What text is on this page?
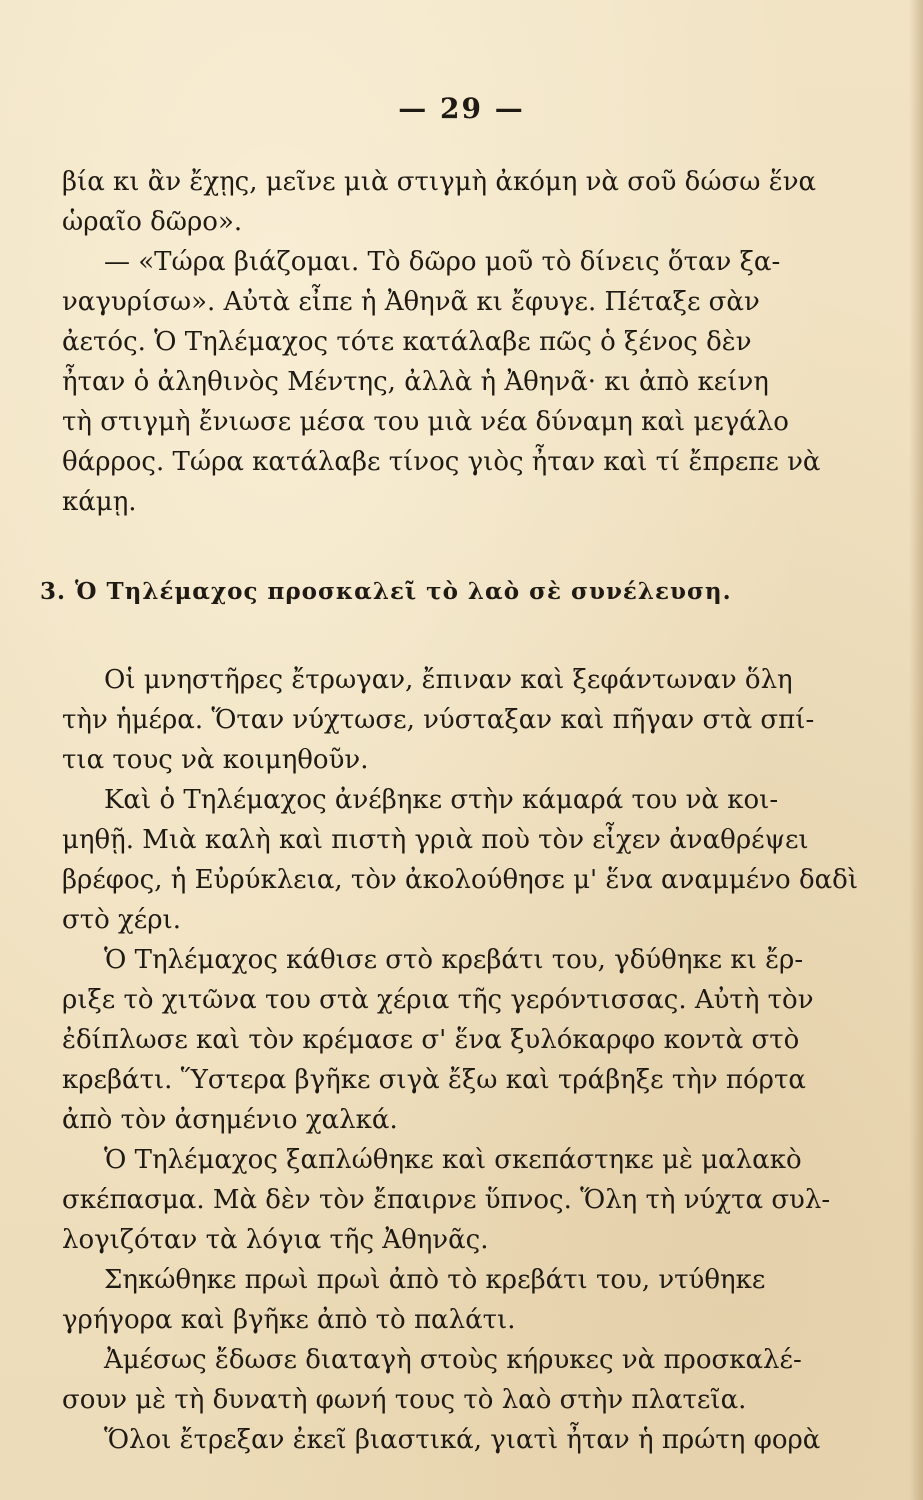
— 29 —
βία κι ἂν ἔχῃς, μεῖνε μιὰ στιγμὴ ἀκόμη νὰ σοῦ δώσω ἕνα
ὡραῖο δῶρο».
— «Τώρα βιάζομαι. Τὸ δῶρο μοῦ τὸ δίνεις ὅταν ξα-
ναγυρίσω». Αὐτὰ εἶπε ἡ Ἀθηνᾶ κι ἔφυγε. Πέταξε σὰν
ἀετός. Ὁ Τηλέμαχος τότε κατάλαβε πῶς ὁ ξένος δὲν
ἦταν ὁ ἀληθινὸς Μέντης, ἀλλὰ ἡ Ἀθηνᾶ· κι ἀπὸ κείνη
τὴ στιγμὴ ἔνιωσε μέσα του μιὰ νέα δύναμη καὶ μεγάλο
θάρρος. Τώρα κατάλαβε τίνος γιὸς ἦταν καὶ τί ἔπρεπε νὰ
κάμῃ.
3. Ὁ Τηλέμαχος προσκαλεῖ τὸ λαὸ σὲ συνέλευση.
Οἱ μνηστῆρες ἔτρωγαν, ἔπιναν καὶ ξεφάντωναν ὅλη
τὴν ἡμέρα. Ὅταν νύχτωσε, νύσταξαν καὶ πῆγαν στὰ σπί-
τια τους νὰ κοιμηθοῦν.
Καὶ ὁ Τηλέμαχος ἀνέβηκε στὴν κάμαρά του νὰ κοι-
μηθῇ. Μιὰ καλὴ καὶ πιστὴ γριὰ ποὺ τὸν εἶχεν ἀναθρέψει
βρέφος, ἡ Εὐρύκλεια, τὸν ἀκολούθησε μ' ἕνα αναμμένο δαδὶ
στὸ χέρι.
Ὁ Τηλέμαχος κάθισε στὸ κρεβάτι του, γδύθηκε κι ἔρ-
ριξε τὸ χιτῶνα του στὰ χέρια τῆς γερόντισσας. Αὐτὴ τὸν
ἐδίπλωσε καὶ τὸν κρέμασε σ' ἕνα ξυλόκαρφο κοντὰ στὸ
κρεβάτι. Ὕστερα βγῆκε σιγὰ ἔξω καὶ τράβηξε τὴν πόρτα
ἀπὸ τὸν ἀσημένιο χαλκά.
Ὁ Τηλέμαχος ξαπλώθηκε καὶ σκεπάστηκε μὲ μαλακὸ
σκέπασμα. Μὰ δὲν τὸν ἔπαιρνε ὕπνος. Ὅλη τὴ νύχτα συλ-
λογιζόταν τὰ λόγια τῆς Ἀθηνᾶς.
Σηκώθηκε πρωὶ πρωὶ ἀπὸ τὸ κρεβάτι του, ντύθηκε
γρήγορα καὶ βγῆκε ἀπὸ τὸ παλάτι.
Ἀμέσως ἔδωσε διαταγὴ στοὺς κήρυκες νὰ προσκαλέ-
σουν μὲ τὴ δυνατὴ φωνή τους τὸ λαὸ στὴν πλατεῖα.
Ὅλοι ἔτρεξαν ἐκεῖ βιαστικά, γιατὶ ἦταν ἡ πρώτη φορὰ
